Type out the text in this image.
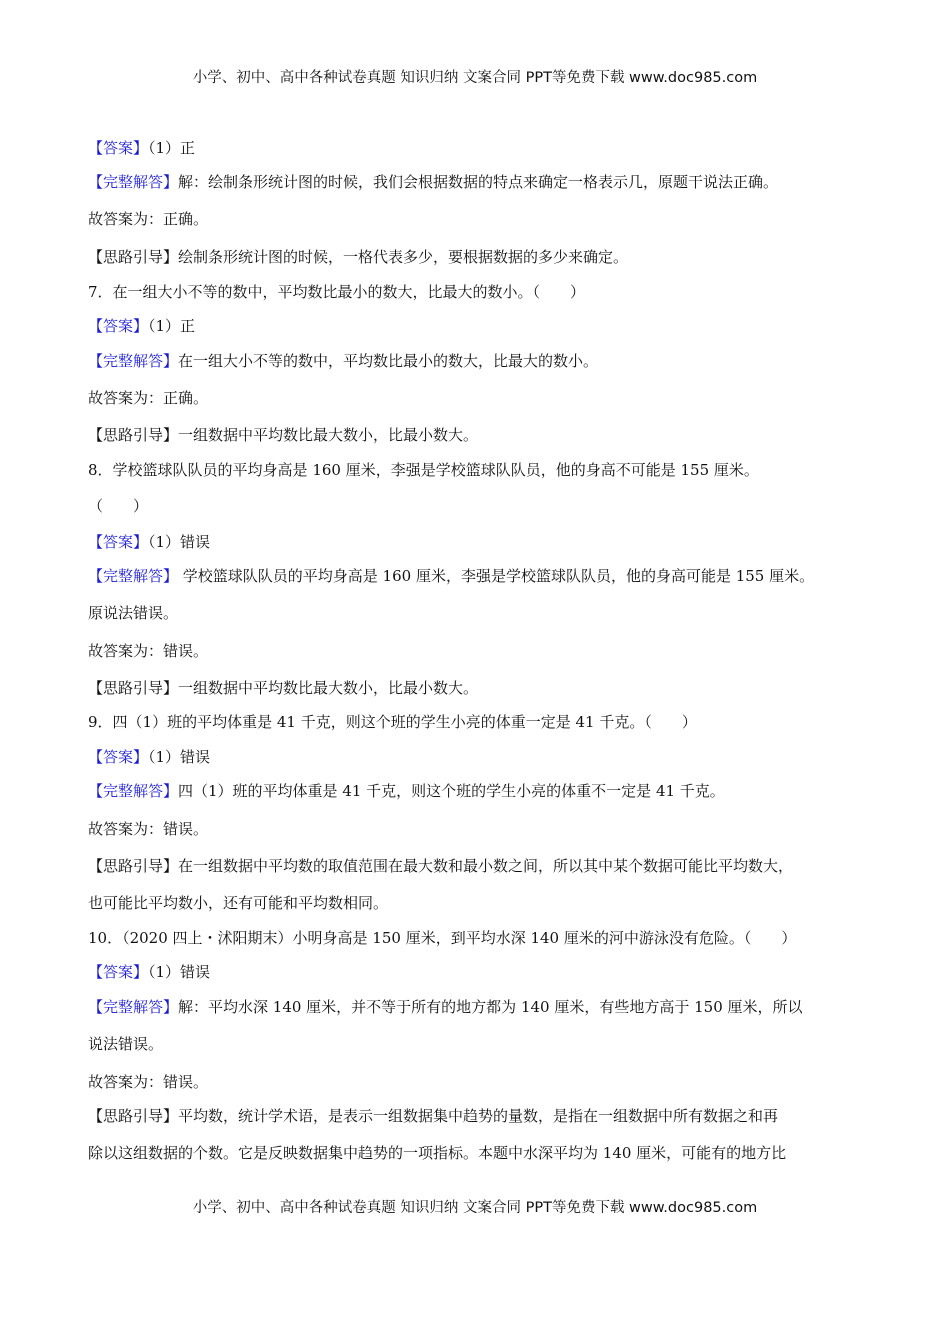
小学、初中、高中各种试卷真题 知识归纳 文案合同 PPT等免费下载 www.doc985.com
【答案】（1）正
【完整解答】解：绘制条形统计图的时候，我们会根据数据的特点来确定一格表示几，原题干说法正确。
故答案为：正确。
【思路引导】绘制条形统计图的时候，一格代表多少，要根据数据的多少来确定。
7．在一组大小不等的数中，平均数比最小的数大，比最大的数小。（　　）
【答案】（1）正
【完整解答】在一组大小不等的数中，平均数比最小的数大，比最大的数小。
故答案为：正确。
【思路引导】一组数据中平均数比最大数小，比最小数大。
8．学校篮球队队员的平均身高是 160 厘米，李强是学校篮球队队员，他的身高不可能是 155 厘米。
（　　）
【答案】（1）错误
【完整解答】 学校篮球队队员的平均身高是 160 厘米，李强是学校篮球队队员，他的身高可能是 155 厘米。
原说法错误。
故答案为：错误。
【思路引导】一组数据中平均数比最大数小，比最小数大。
9．四（1）班的平均体重是 41 千克，则这个班的学生小亮的体重一定是 41 千克。（　　）
【答案】（1）错误
【完整解答】四（1）班的平均体重是 41 千克，则这个班的学生小亮的体重不一定是 41 千克。
故答案为：错误。
【思路引导】在一组数据中平均数的取值范围在最大数和最小数之间，所以其中某个数据可能比平均数大，
也可能比平均数小，还有可能和平均数相同。
10．（2020 四上・沭阳期末）小明身高是 150 厘米，到平均水深 140 厘米的河中游泳没有危险。（　　）
【答案】（1）错误
【完整解答】解：平均水深 140 厘米，并不等于所有的地方都为 140 厘米，有些地方高于 150 厘米，所以
说法错误。
故答案为：错误。
【思路引导】平均数，统计学术语，是表示一组数据集中趋势的量数，是指在一组数据中所有数据之和再
除以这组数据的个数。它是反映数据集中趋势的一项指标。本题中水深平均为 140 厘米，可能有的地方比
小学、初中、高中各种试卷真题 知识归纳 文案合同 PPT等免费下载 www.doc985.com
